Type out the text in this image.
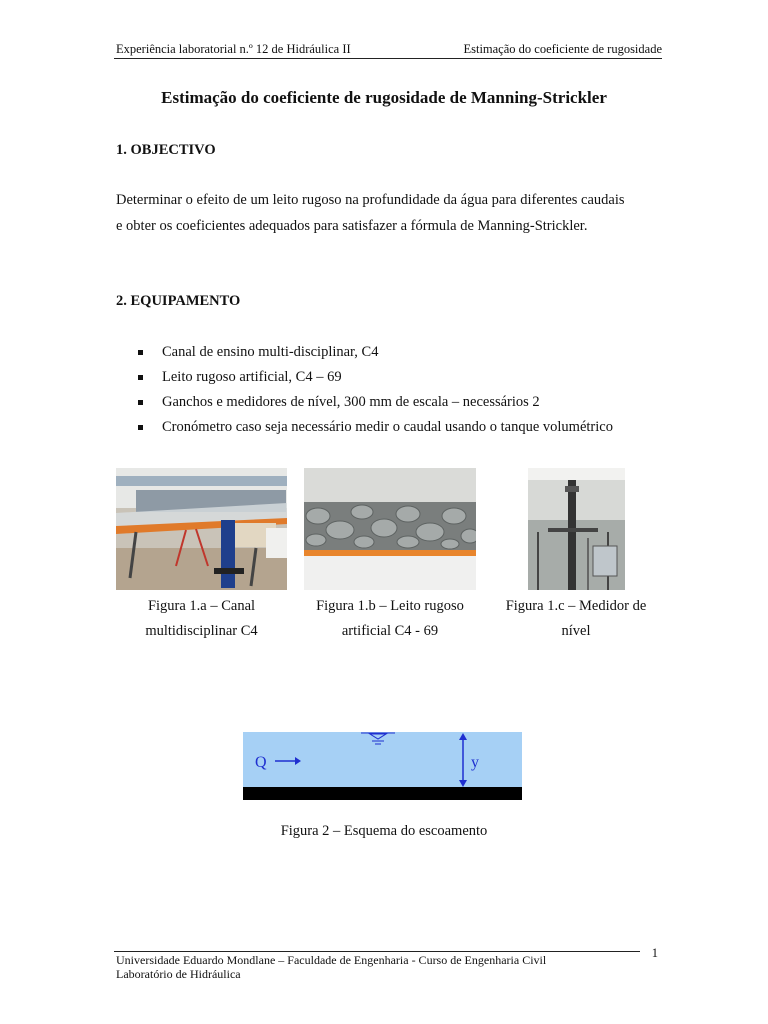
Experiência laboratorial n.º 12 de Hidráulica II	Estimação do coeficiente de rugosidade
Estimação do coeficiente de rugosidade de Manning-Strickler
1. OBJECTIVO
Determinar o efeito de um leito rugoso na profundidade da água para diferentes caudais
e obter os coeficientes adequados para satisfazer a fórmula de Manning-Strickler.
2. EQUIPAMENTO
Canal de ensino multi-disciplinar, C4
Leito rugoso artificial, C4 – 69
Ganchos e medidores de nível, 300 mm de escala – necessários 2
Cronómetro caso seja necessário medir o caudal usando o tanque volumétrico
Figura 1.a – Canal
multidisciplinar C4
Figura 1.b – Leito rugoso
artificial C4 - 69
Figura 1.c – Medidor de
nível
Q	y
Figura 2 – Esquema do escoamento
Universidade Eduardo Mondlane – Faculdade de Engenharia - Curso de Engenharia Civil
Laboratório de Hidráulica
1
